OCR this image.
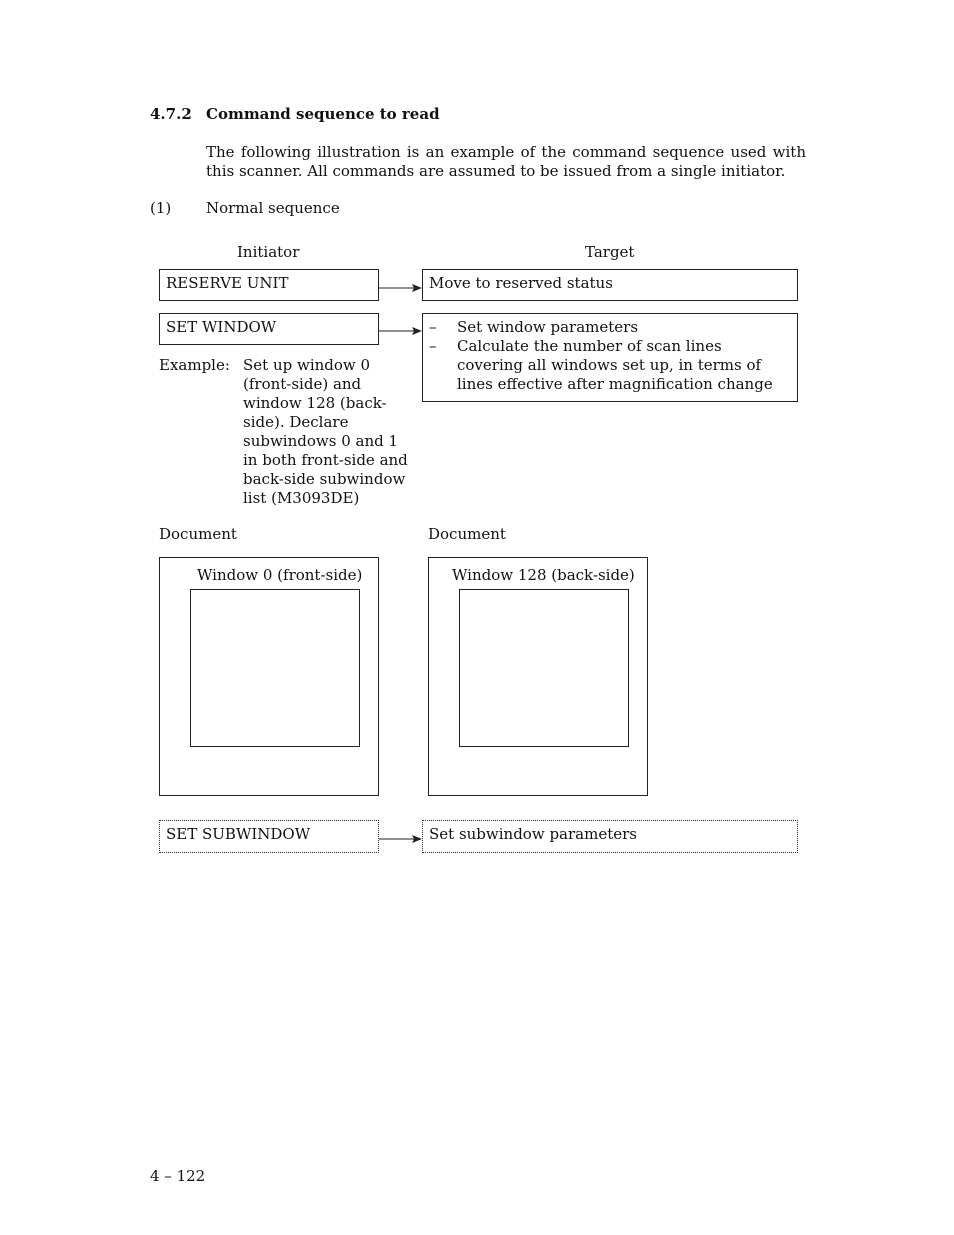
4.7.2 Command sequence to read
The following illustration is an example of the command sequence used with this scanner. All commands are assumed to be issued from a single initiator.
(1) Normal sequence
Initiator	Target
RESERVE UNIT	Move to reserved status
SET WINDOW	– Set window parameters
– Calculate the number of scan lines covering all windows set up, in terms of lines effective after magnification change
Example: Set up window 0 (front-side) and window 128 (back-side). Declare subwindows 0 and 1 in both front-side and back-side subwindow list (M3093DE)
Document	Document
Window 0 (front-side)	Window 128 (back-side)
SET SUBWINDOW	Set subwindow parameters
4 – 122
